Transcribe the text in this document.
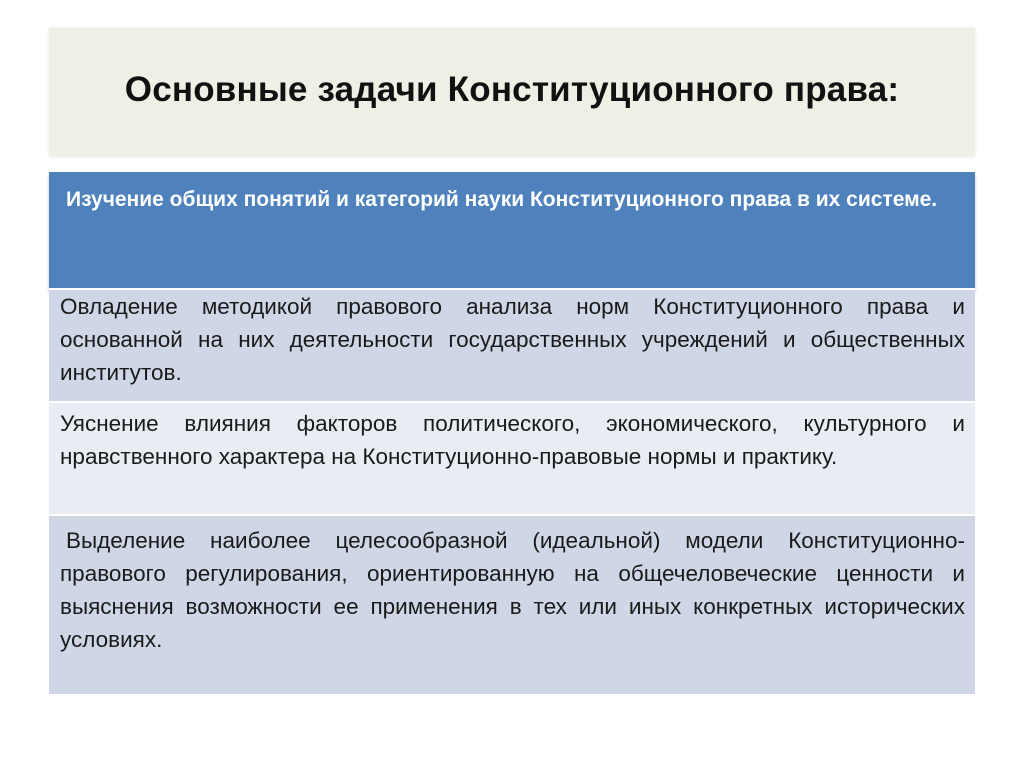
Основные задачи Конституционного права:
Изучение общих понятий и категорий науки Конституционного права в их системе.
Овладение методикой правового анализа норм Конституционного права и основанной на них деятельности государственных учреждений и общественных институтов.
Уяснение влияния факторов политического, экономического, культурного и нравственного характера на Конституционно-правовые нормы и практику.
Выделение наиболее целесообразной (идеальной) модели Конституционно-правового регулирования, ориентированную на общечеловеческие ценности и выяснения возможности ее применения в тех или иных конкретных исторических условиях.
